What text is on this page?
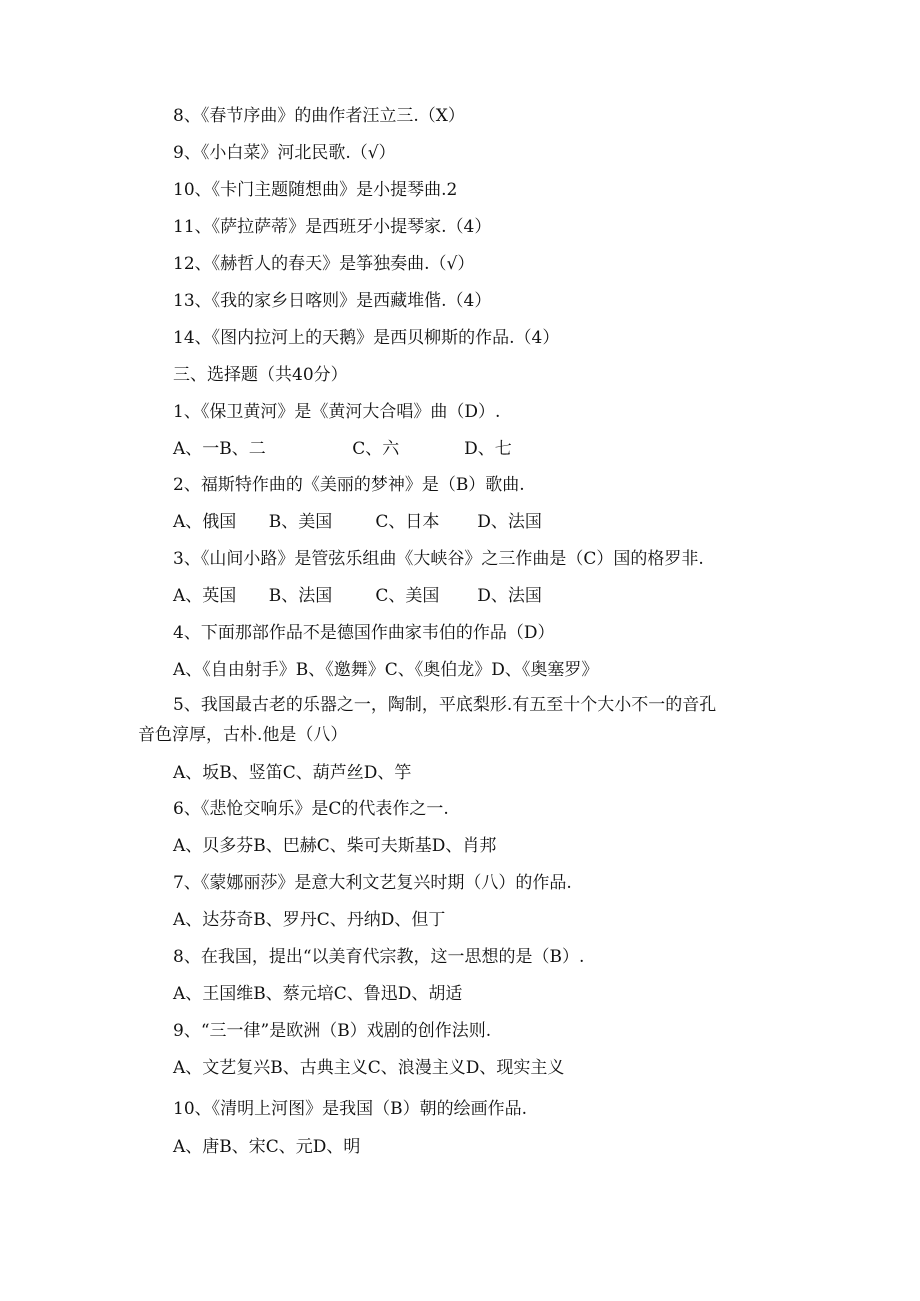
8、《春节序曲》的曲作者汪立三.（X）
9、《小白菜》河北民歌.（√）
10、《卡门主题随想曲》是小提琴曲.2
11、《萨拉萨蒂》是西班牙小提琴家.（4）
12、《赫哲人的春天》是筝独奏曲.（√）
13、《我的家乡日喀则》是西藏堆偕.（4）
14、《图内拉河上的天鹅》是西贝柳斯的作品.（4）
三、选择题（共40分）
1、《保卫黄河》是《黄河大合唱》曲（D）.
A、一B、二                C、六            D、七
2、福斯特作曲的《美丽的梦神》是（B）歌曲.
A、俄国      B、美国        C、日本       D、法国
3、《山间小路》是管弦乐组曲《大峡谷》之三作曲是（C）国的格罗非.
A、英国      B、法国        C、美国       D、法国
4、下面那部作品不是德国作曲家韦伯的作品（D）
A、《自由射手》B、《邀舞》C、《奥伯龙》D、《奥塞罗》
5、我国最古老的乐器之一，陶制，平底梨形.有五至十个大小不一的音孔
音色淳厚，古朴.他是（八）
A、坂B、竖笛C、葫芦丝D、竽
6、《悲怆交响乐》是C的代表作之一.
A、贝多芬B、巴赫C、柴可夫斯基D、肖邦
7、《蒙娜丽莎》是意大利文艺复兴时期（八）的作品.
A、达芬奇B、罗丹C、丹纳D、但丁
8、在我国，提出“以美育代宗教，这一思想的是（B）.
A、王国维B、蔡元培C、鲁迅D、胡适
9、“三一律”是欧洲（B）戏剧的创作法则.
A、文艺复兴B、古典主义C、浪漫主义D、现实主义
10、《清明上河图》是我国（B）朝的绘画作品.
A、唐B、宋C、元D、明
